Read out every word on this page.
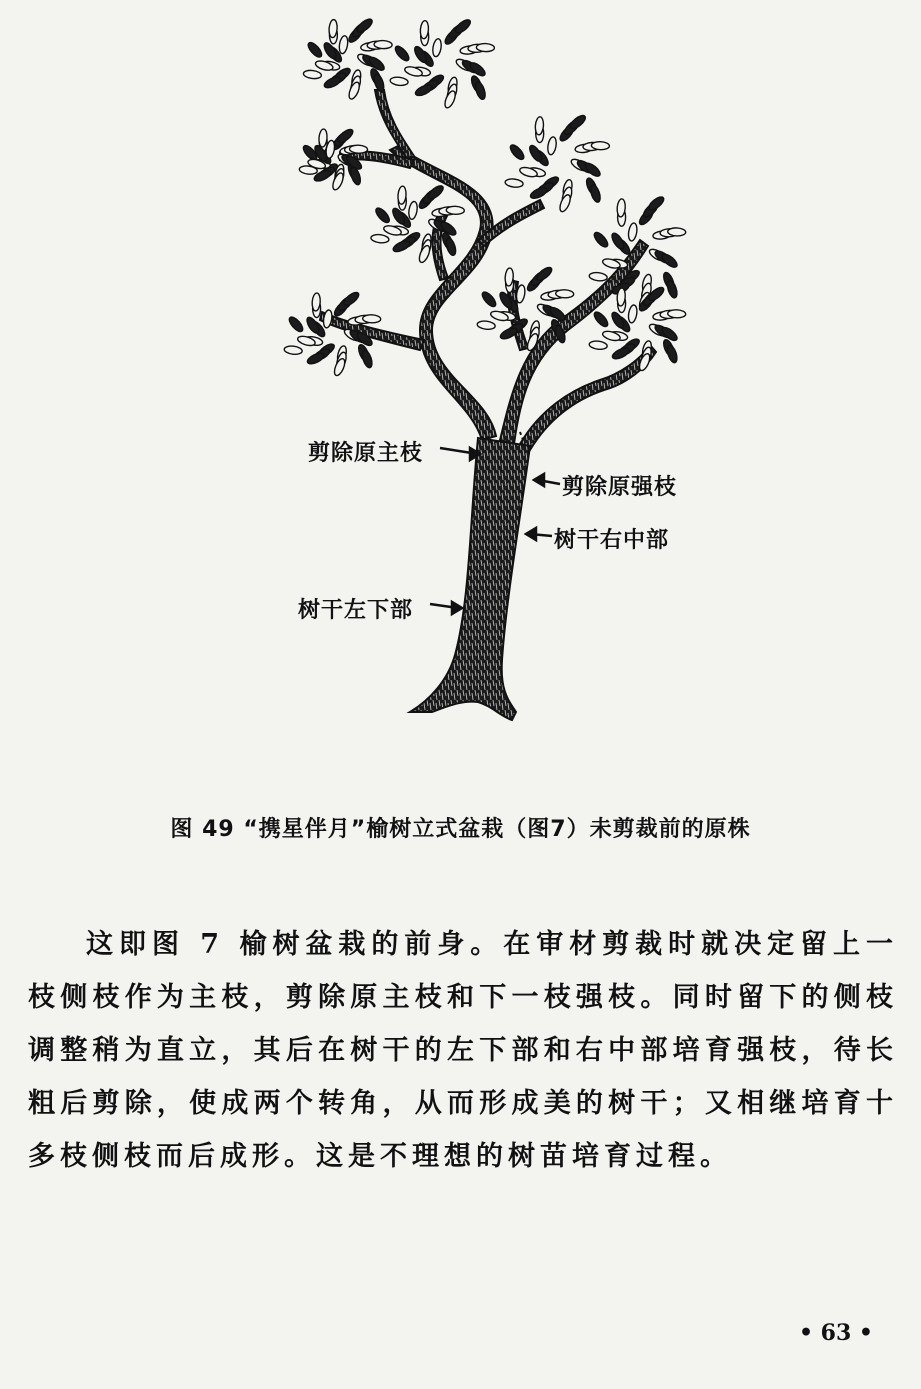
剪除原主枝
剪除原强枝
树干右中部
树干左下部
图 49 “携星伴月”榆树立式盆栽（图7）未剪裁前的原株

这即图 7 榆树盆栽的前身。在审材剪裁时就决定留上一枝侧枝作为主枝，剪除原主枝和下一枝强枝。同时留下的侧枝调整稍为直立，其后在树干的左下部和右中部培育强枝，待长粗后剪除，使成两个转角，从而形成美的树干；又相继培育十多枝侧枝而后成形。这是不理想的树苗培育过程。

• 63 •
